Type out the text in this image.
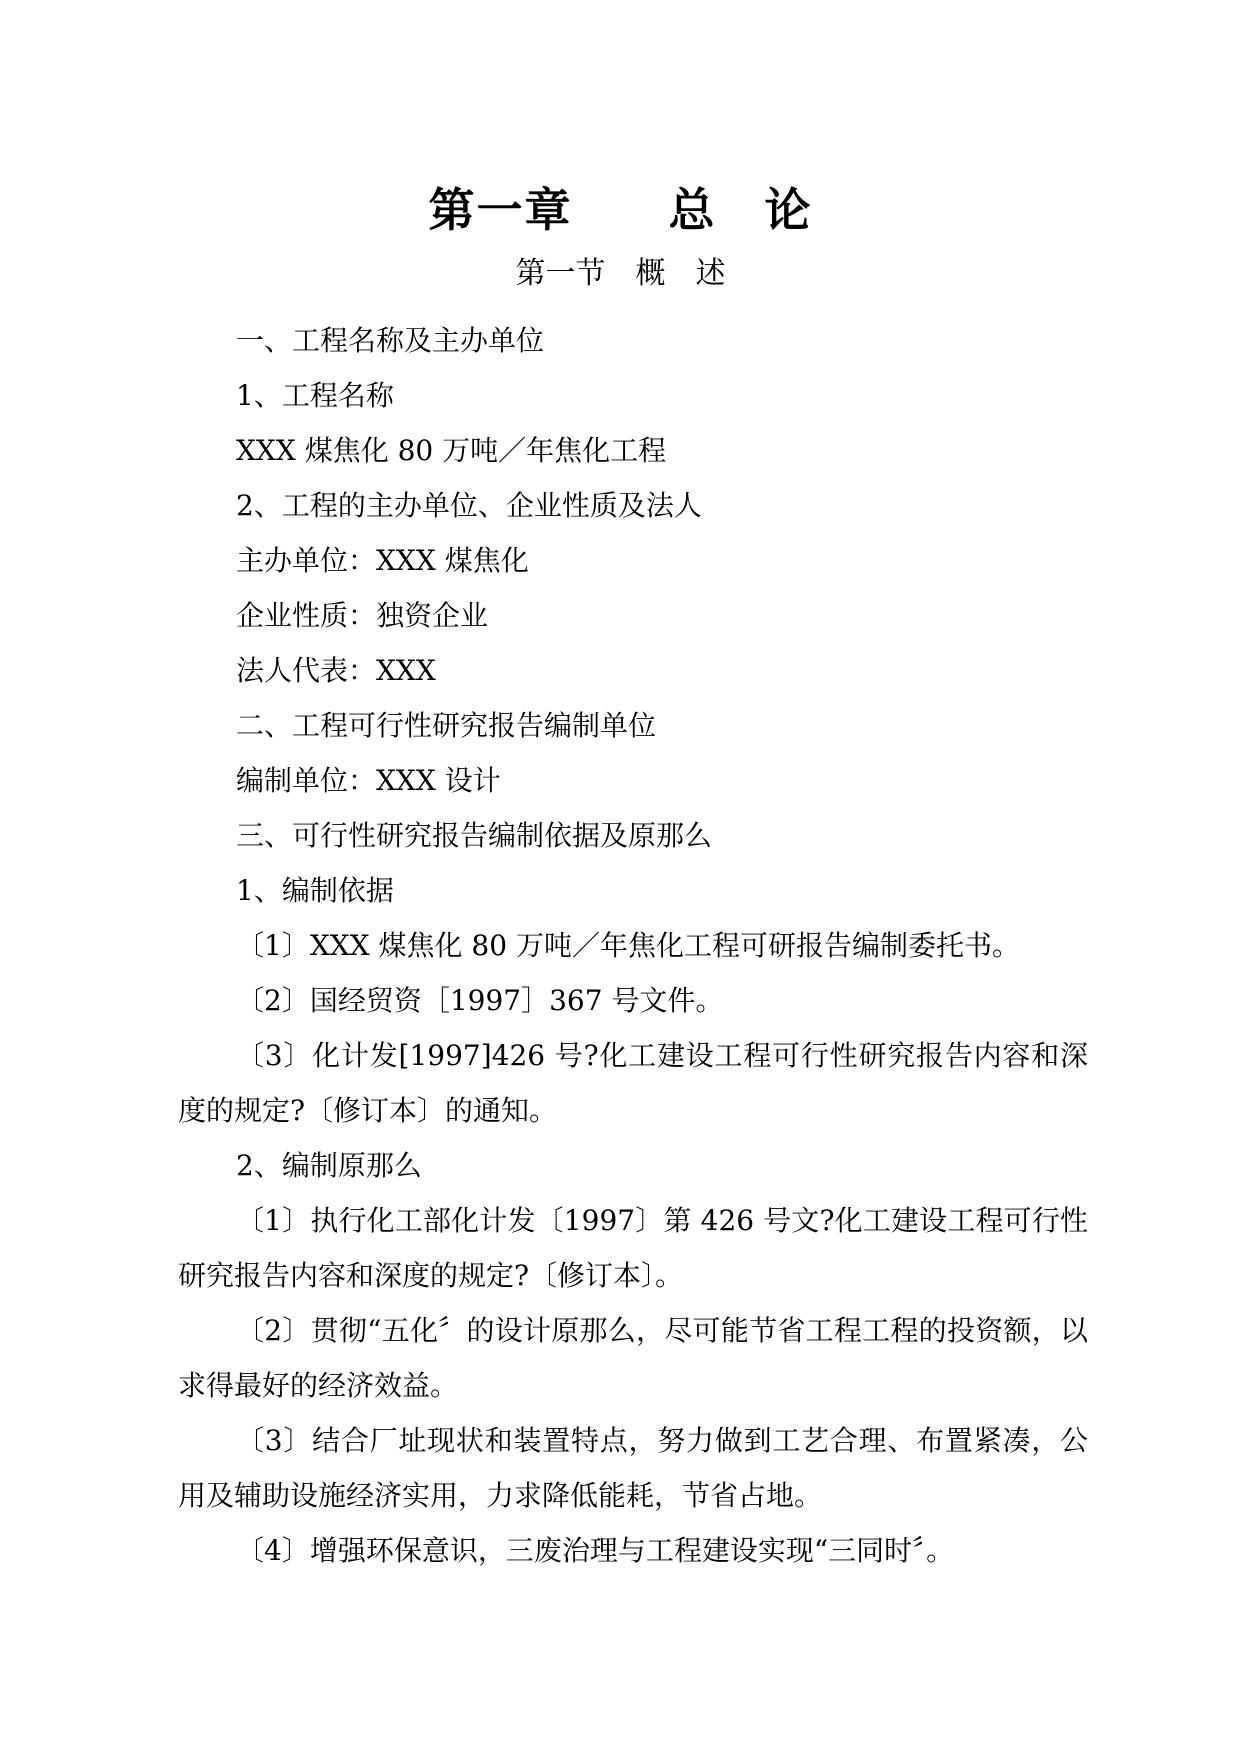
第一章　　总　论
第一节　概　述
一、工程名称及主办单位
1、工程名称
XXX 煤焦化 80 万吨／年焦化工程
2、工程的主办单位、企业性质及法人
主办单位：XXX 煤焦化
企业性质：独资企业
法人代表：XXX
二、工程可行性研究报告编制单位
编制单位：XXX 设计
三、可行性研究报告编制依据及原那么
1、编制依据
〔1〕XXX 煤焦化 80 万吨／年焦化工程可研报告编制委托书。
〔2〕国经贸资［1997］367 号文件。
〔3〕化计发[1997]426 号?化工建设工程可行性研究报告内容和深度的规定?〔修订本〕的通知。
2、编制原那么
〔1〕执行化工部化计发〔1997〕第 426 号文?化工建设工程可行性研究报告内容和深度的规定?〔修订本〕。
〔2〕贯彻“五化〞的设计原那么，尽可能节省工程工程的投资额，以求得最好的经济效益。
〔3〕结合厂址现状和装置特点，努力做到工艺合理、布置紧凑，公用及辅助设施经济实用，力求降低能耗，节省占地。
〔4〕增强环保意识，三废治理与工程建设实现“三同时〞。
